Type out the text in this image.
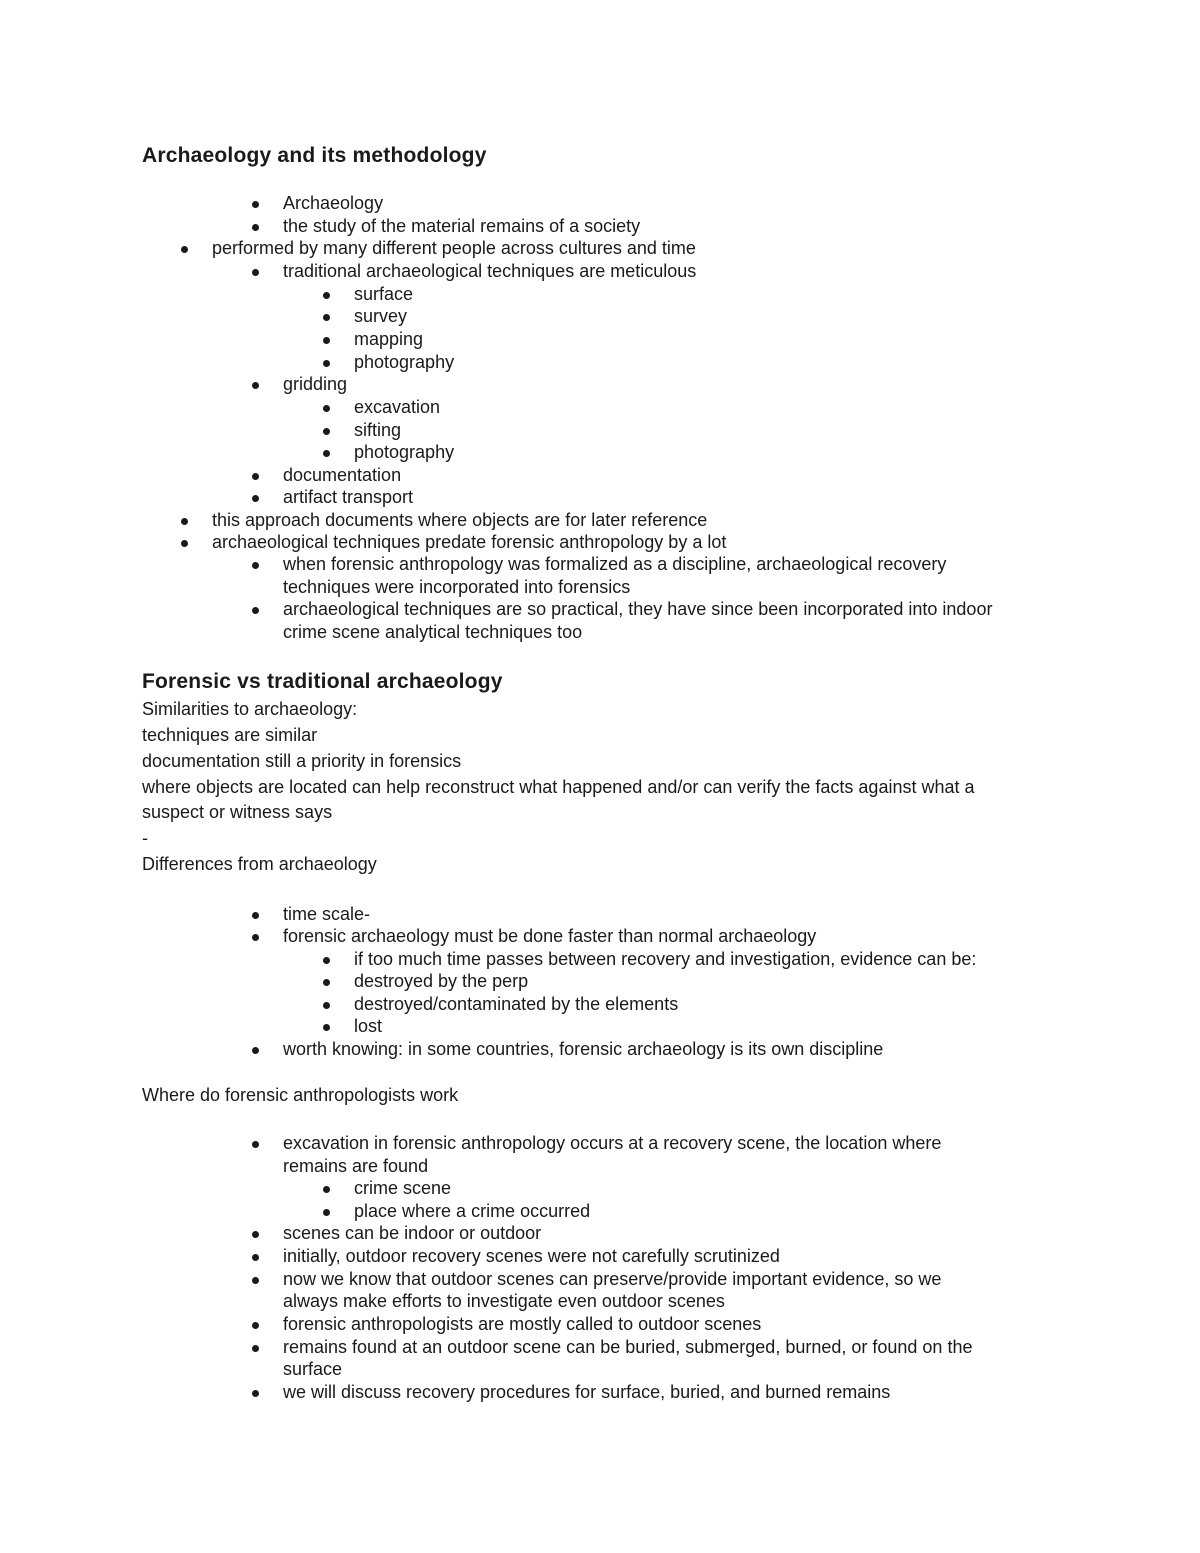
Archaeology and its methodology
Archaeology
the study of the material remains of a society
performed by many different people across cultures and time
traditional archaeological techniques are meticulous
surface
survey
mapping
photography
gridding
excavation
sifting
photography
documentation
artifact transport
this approach documents where objects are for later reference
archaeological techniques predate forensic anthropology by a lot
when forensic anthropology was formalized as a discipline, archaeological recovery
techniques were incorporated into forensics
archaeological techniques are so practical, they have since been incorporated into indoor
crime scene analytical techniques too
Forensic vs traditional archaeology
Similarities to archaeology:
techniques are similar
documentation still a priority in forensics
where objects are located can help reconstruct what happened and/or can verify the facts against what a
suspect or witness says
-
Differences from archaeology
time scale-
forensic archaeology must be done faster than normal archaeology
if too much time passes between recovery and investigation, evidence can be:
destroyed by the perp
destroyed/contaminated by the elements
lost
worth knowing: in some countries, forensic archaeology is its own discipline
Where do forensic anthropologists work
excavation in forensic anthropology occurs at a recovery scene, the location where
remains are found
crime scene
place where a crime occurred
scenes can be indoor or outdoor
initially, outdoor recovery scenes were not carefully scrutinized
now we know that outdoor scenes can preserve/provide important evidence, so we
always make efforts to investigate even outdoor scenes
forensic anthropologists are mostly called to outdoor scenes
remains found at an outdoor scene can be buried, submerged, burned, or found on the
surface
we will discuss recovery procedures for surface, buried, and burned remains
